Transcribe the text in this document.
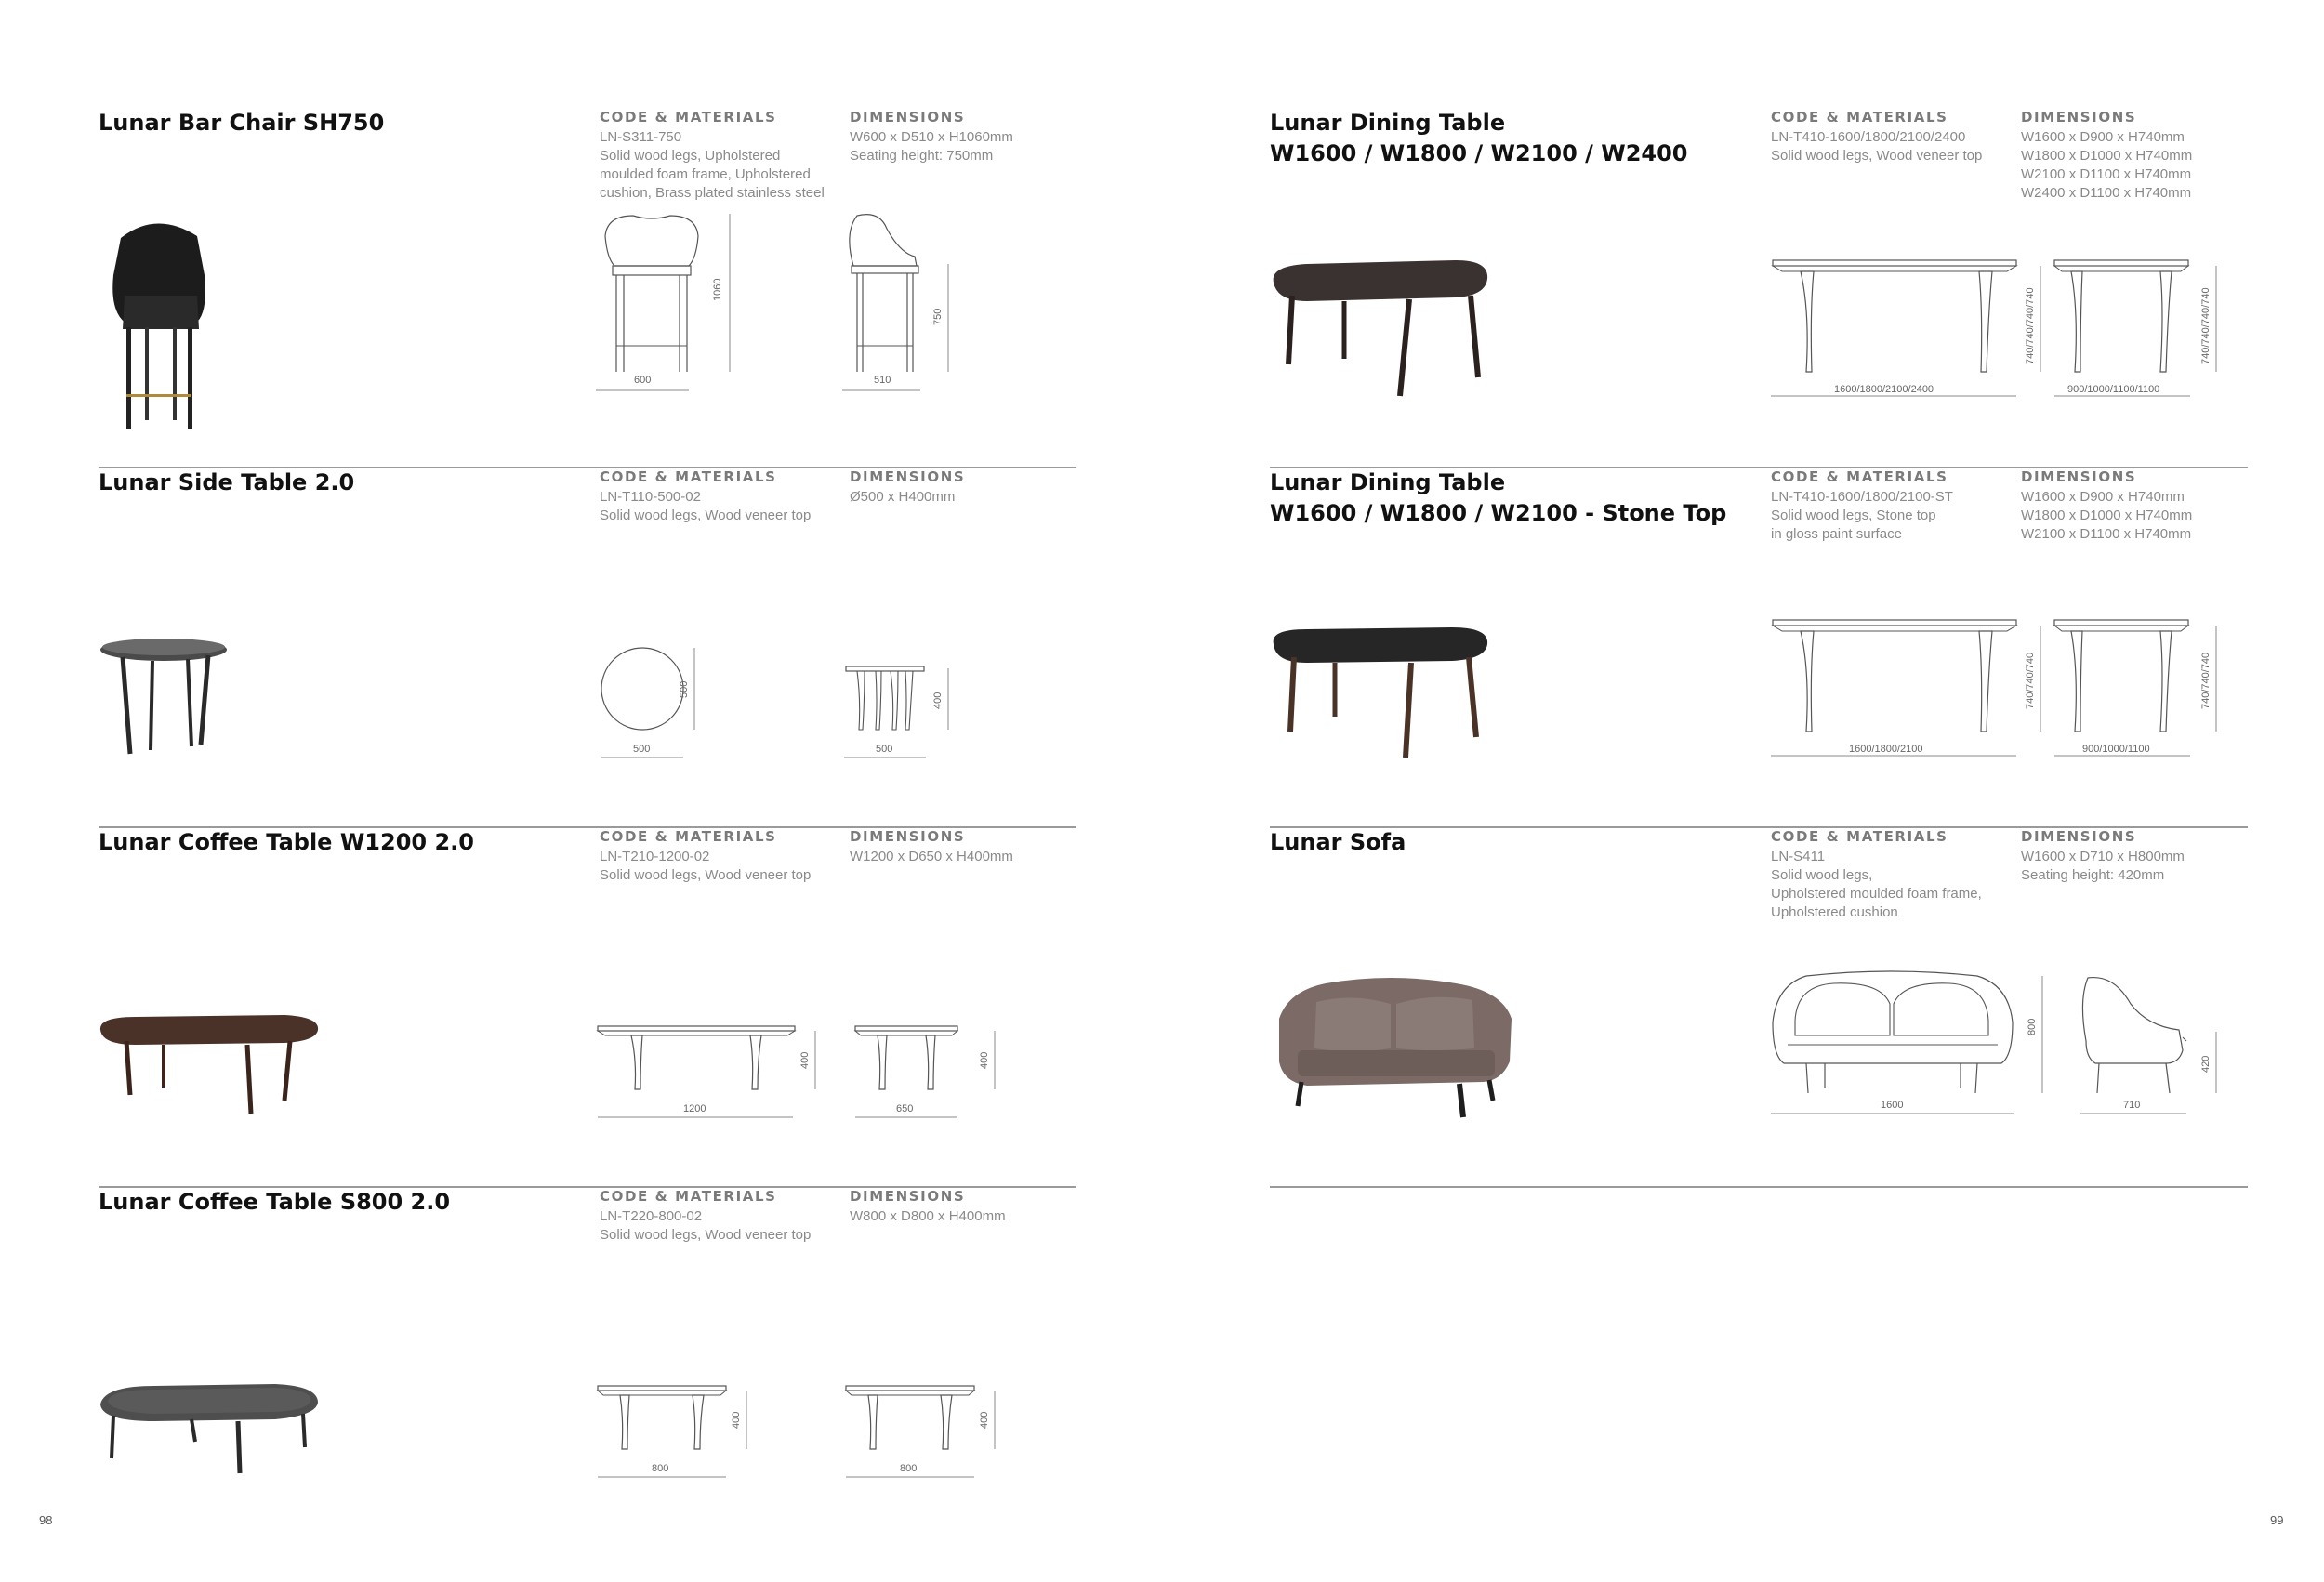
Lunar Bar Chair SH750	CODE & MATERIALS
LN-S311-750
Solid wood legs, Upholstered
moulded foam frame, Upholstered
cushion, Brass plated stainless steel
DIMENSIONS
W600 x D510 x H1060mm
Seating height: 750mm
600
1060
510
750
Lunar Dining Table
W1600 / W1800 / W2100 / W2400
CODE & MATERIALS
LN-T410-1600/1800/2100/2400
Solid wood legs, Wood veneer top
DIMENSIONS
W1600 x D900 x H740mm
W1800 x D1000 x H740mm
W2100 x D1100 x H740mm
W2400 x D1100 x H740mm
1600/1800/2100/2400
740/740/740/740
900/1000/1100/1100
740/740/740/740
Lunar Side Table 2.0	CODE & MATERIALS
LN-T110-500-02
Solid wood legs, Wood veneer top
DIMENSIONS
Ø500 x H400mm
500
500
500
400
Lunar Dining Table
W1600 / W1800 / W2100 - Stone Top
CODE & MATERIALS
LN-T410-1600/1800/2100-ST
Solid wood legs, Stone top
in gloss paint surface
DIMENSIONS
W1600 x D900 x H740mm
W1800 x D1000 x H740mm
W2100 x D1100 x H740mm
1600/1800/2100
740/740/740
900/1000/1100
740/740/740
Lunar Coffee Table W1200 2.0	CODE & MATERIALS
LN-T210-1200-02
Solid wood legs, Wood veneer top
DIMENSIONS
W1200 x D650 x H400mm
1200
400
650
400
Lunar Sofa	CODE & MATERIALS
LN-S411
Solid wood legs,
Upholstered moulded foam frame,
Upholstered cushion
DIMENSIONS
W1600 x D710 x H800mm
Seating height: 420mm
1600
800
710
420
Lunar Coffee Table S800 2.0	CODE & MATERIALS
LN-T220-800-02
Solid wood legs, Wood veneer top
DIMENSIONS
W800 x D800 x H400mm
800
400
800
400
98	99
